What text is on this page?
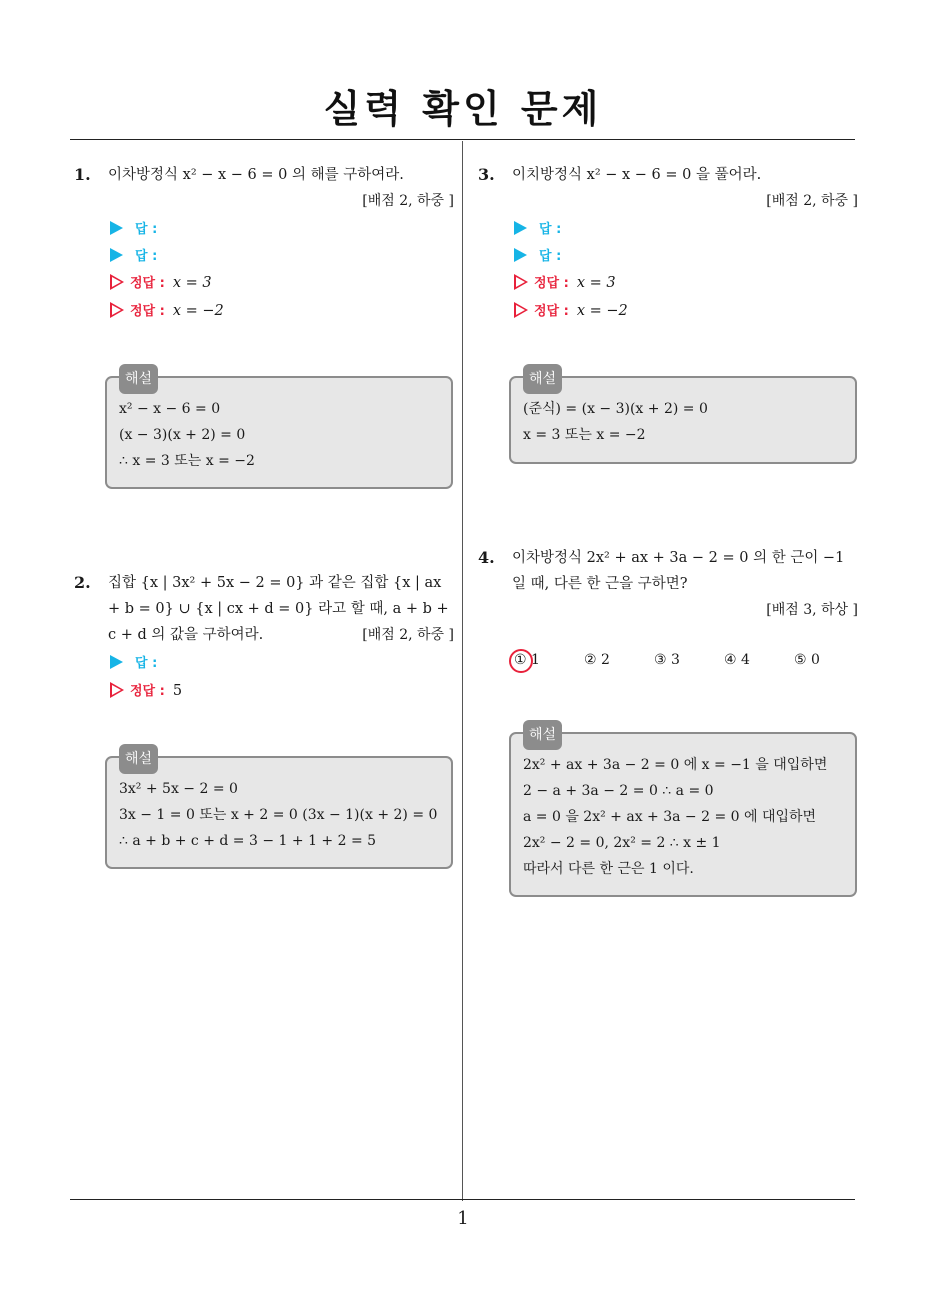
실력 확인 문제
1. 이차방정식 x² − x − 6 = 0 의 해를 구하여라.
[배점 2, 하중 ]
답 :
답 :
정답 : x = 3
정답 : x = −2
해설
x² − x − 6 = 0
(x − 3)(x + 2) = 0
∴ x = 3 또는 x = −2
2. 집합 {x | 3x² + 5x − 2 = 0} 과 같은 집합 {x | ax + b = 0} ∪ {x | cx + d = 0} 라고 할 때, a + b + c + d 의 값을 구하여라.	[배점 2, 하중 ]
답 :
정답 : 5
해설
3x² + 5x − 2 = 0
3x − 1 = 0 또는 x + 2 = 0 (3x − 1)(x + 2) = 0
∴ a + b + c + d = 3 − 1 + 1 + 2 = 5
3. 이치방정식 x² − x − 6 = 0 을 풀어라.
[배점 2, 하중 ]
답 :
답 :
정답 : x = 3
정답 : x = −2
해설
(준식) = (x − 3)(x + 2) = 0
x = 3 또는 x = −2
4. 이차방정식 2x² + ax + 3a − 2 = 0 의 한 근이 −1 일 때, 다른 한 근을 구하면?
[배점 3, 하상 ]
① 1	② 2	③ 3	④ 4	⑤ 0
해설
2x² + ax + 3a − 2 = 0 에 x = −1 을 대입하면
2 − a + 3a − 2 = 0 ∴ a = 0
a = 0 을 2x² + ax + 3a − 2 = 0 에 대입하면
2x² − 2 = 0, 2x² = 2 ∴ x ± 1
따라서 다른 한 근은 1 이다.
1
